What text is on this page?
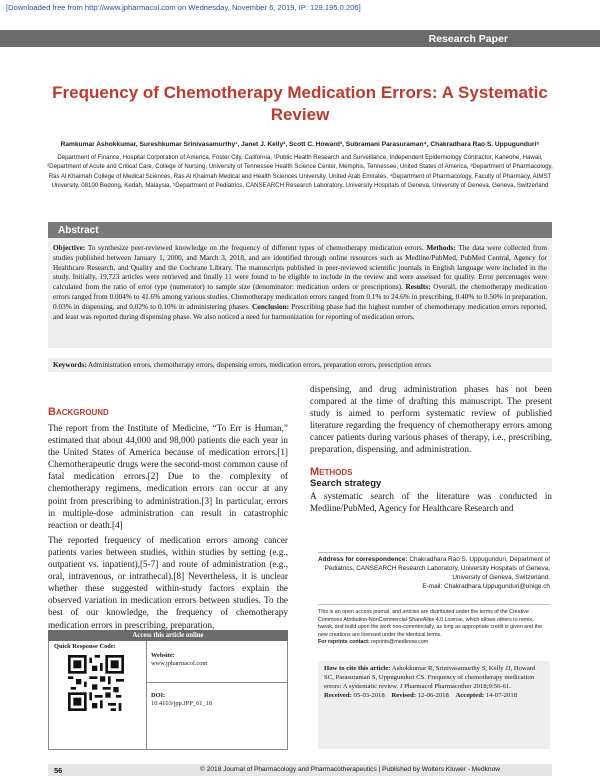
[Downloaded free from http://www.jpharmacol.com on Wednesday, November 6, 2019, IP: 129.195.0.206]
Research Paper
Frequency of Chemotherapy Medication Errors: A Systematic Review
Ramkumar Ashokkumar, Sureshkumar Srinivasamurthy¹, Janet J. Kelly², Scott C. Howard³, Subramani Parasuraman⁴, Chakradhara Rao S. Uppugunduri⁵
Department of Finance, Hospital Corporation of America, Foster City, California, ¹Public Health Research and Surveillance, Independent Epidemiology Contractor, Kaneohe, Hawaii, ²Department of Acute and Critical Care, College of Nursing, University of Tennessee Health Science Center, Memphis, Tennessee, United States of America, ³Department of Pharmacology, Ras Al Khaimah College of Medical Sciences, Ras Al Khaimah Medical and Health Sciences University, United Arab Emirates, ⁴Department of Pharmacology, Faculty of Pharmacy, AIMST University, 08100 Bedong, Kedah, Malaysia, ⁵Department of Pediatrics, CANSEARCH Research Laboratory, University Hospitals of Geneva, University of Geneva, Geneva, Switzerland
Abstract
Objective: To synthesize peer-reviewed knowledge on the frequency of different types of chemotherapy medication errors. Methods: The data were collected from studies published between January 1, 2000, and March 3, 2018, and are identified through online resources such as Medline/PubMed, PubMed Central, Agency for Healthcare Research, and Quality and the Cochrane Library. The manuscripts published in peer-reviewed scientific journals in English language were included in the study. Initially, 19,723 articles were retrieved and finally 11 were found to be eligible to include in the review and were assessed for quality. Error percentages were calculated from the ratio of error type (numerator) to sample size (denominator: medication orders or prescriptions). Results: Overall, the chemotherapy medication errors ranged from 0.004% to 41.6% among various studies. Chemotherapy medication errors ranged from 0.1% to 24.6% in prescribing, 0.40% to 0.50% in preparation, 0.03% in dispensing, and 0.02% to 0.10% in administering phases. Conclusion: Prescribing phase had the highest number of chemotherapy medication errors reported, and least was reported during dispensing phase. We also noticed a need for harmonization for reporting of medication errors.
Keywords: Administration errors, chemotherapy errors, dispensing errors, medication errors, preparation errors, prescription errors
Background

The report from the Institute of Medicine, “To Err is Human,” estimated that about 44,000 and 98,000 patients die each year in the United States of America because of medication errors.[1] Chemotherapeutic drugs were the second-most common cause of fatal medication errors.[2] Due to the complexity of chemotherapy regimens, medication errors can occur at any point from prescribing to administration.[3] In particular, errors in multiple-dose administration can result in catastrophic reaction or death.[4]

The reported frequency of medication errors among cancer patients varies between studies, within studies by setting (e.g., outpatient vs. inpatient),[5-7] and route of administration (e.g., oral, intravenous, or intrathecal).[8] Nevertheless, it is unclear whether these suggested within-study factors explain the observed variation in medication errors between studies. To the best of our knowledge, the frequency of chemotherapy medication errors in prescribing, preparation,

dispensing, and drug administration phases has not been compared at the time of drafting this manuscript. The present study is aimed to perform systematic review of published literature regarding the frequency of chemotherapy errors among cancer patients during various phases of therapy, i.e., prescribing, preparation, dispensing, and administration.

Methods
Search strategy

A systematic search of the literature was conducted in Medline/PubMed, Agency for Healthcare Research and

Address for correspondence: Chakradhara Rao S. Uppugunduri, Department of Pediatrics, CANSEARCH Research Laboratory, University Hospitals of Geneva, University of Geneva, Switzerland.
E-mail: Chakradhara.Uppugunduri@unige.ch
This is an open access journal, and articles are distributed under the terms of the Creative Commons Attribution-NonCommercial-ShareAlike 4.0 License, which allows others to remix, tweak, and build upon the work non-commercially, as long as appropriate credit is given and the new creations are licensed under the identical terms.
For reprints contact: reprints@medknow.com
How to cite this article: Ashokkumar R, Srinivasamurthy S, Kelly JJ, Howard SC, Parasuraman S, Uppugunduri CS. Frequency of chemotherapy medication errors: A systematic review. J Pharmacol Pharmacother 2018;9:56-61.
Received: 05-03-2018 Revised: 12-06-2018 Accepted: 14-07-2018
Access this article online
Quick Response Code:
Website:
www.jpharmacol.com
DOI:
10.4103/jpp.JPP_61_18
56	© 2018 Journal of Pharmacology and Pharmacotherapeutics | Published by Wolters Kluwer - Medknow
